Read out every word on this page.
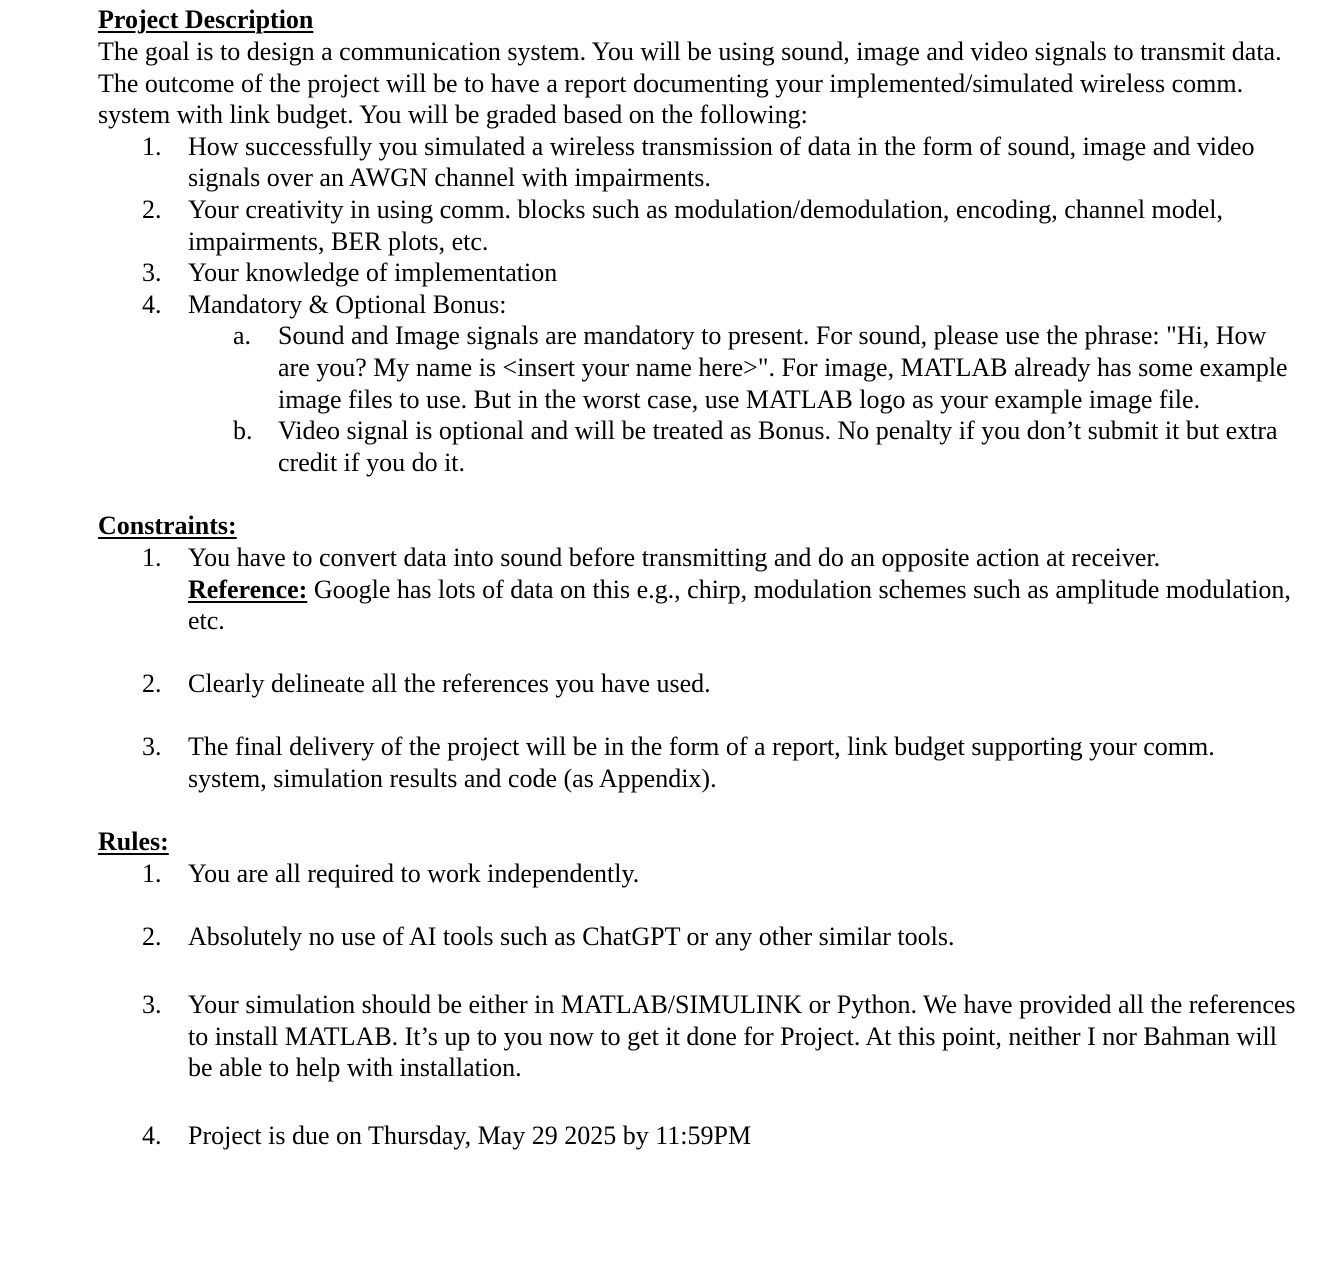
Project Description
The goal is to design a communication system. You will be using sound, image and video signals to transmit data. The outcome of the project will be to have a report documenting your implemented/simulated wireless comm. system with link budget. You will be graded based on the following:
1. How successfully you simulated a wireless transmission of data in the form of sound, image and video signals over an AWGN channel with impairments.
2. Your creativity in using comm. blocks such as modulation/demodulation, encoding, channel model, impairments, BER plots, etc.
3. Your knowledge of implementation
4. Mandatory & Optional Bonus:
a. Sound and Image signals are mandatory to present. For sound, please use the phrase: "Hi, How are you? My name is <insert your name here>". For image, MATLAB already has some example image files to use. But in the worst case, use MATLAB logo as your example image file.
b. Video signal is optional and will be treated as Bonus. No penalty if you don’t submit it but extra credit if you do it.
Constraints:
1. You have to convert data into sound before transmitting and do an opposite action at receiver.
Reference: Google has lots of data on this e.g., chirp, modulation schemes such as amplitude modulation, etc.
2. Clearly delineate all the references you have used.
3. The final delivery of the project will be in the form of a report, link budget supporting your comm. system, simulation results and code (as Appendix).
Rules:
1. You are all required to work independently.
2. Absolutely no use of AI tools such as ChatGPT or any other similar tools.
3. Your simulation should be either in MATLAB/SIMULINK or Python. We have provided all the references to install MATLAB. It’s up to you now to get it done for Project. At this point, neither I nor Bahman will be able to help with installation.
4. Project is due on Thursday, May 29 2025 by 11:59PM
